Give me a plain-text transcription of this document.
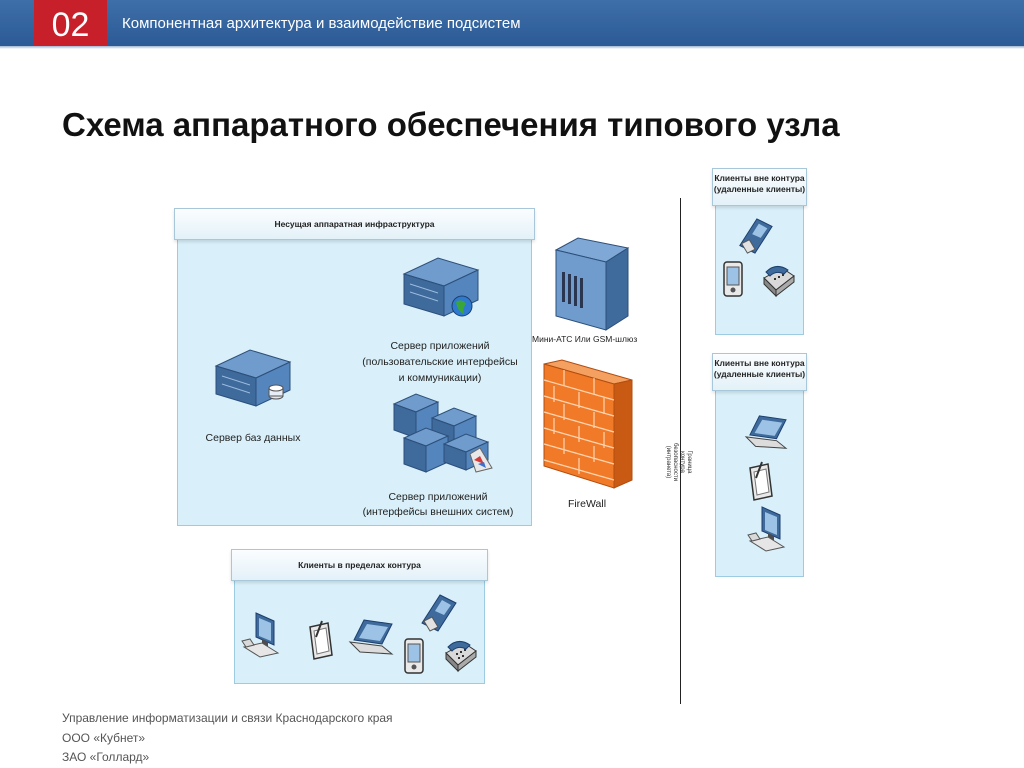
02	Компонентная архитектура и взаимодействие подсистем
Схема аппаратного обеспечения типового узла
Несущая аппаратная инфраструктура
Сервер баз данных
Сервер приложений
(пользовательские интерфейсы
и коммуникации)
Сервер приложений
(интерфейсы внешних систем)
Мини-АТС Или GSM-шлюз
FireWall
Граница
контура
безопасности
(интранета)
Клиенты в пределах контура
Клиенты вне контура
(удаленные клиенты)
Клиенты вне контура
(удаленные клиенты)
Управление информатизации и связи Краснодарского края
ООО «Кубнет»
ЗАО «Голлард»
